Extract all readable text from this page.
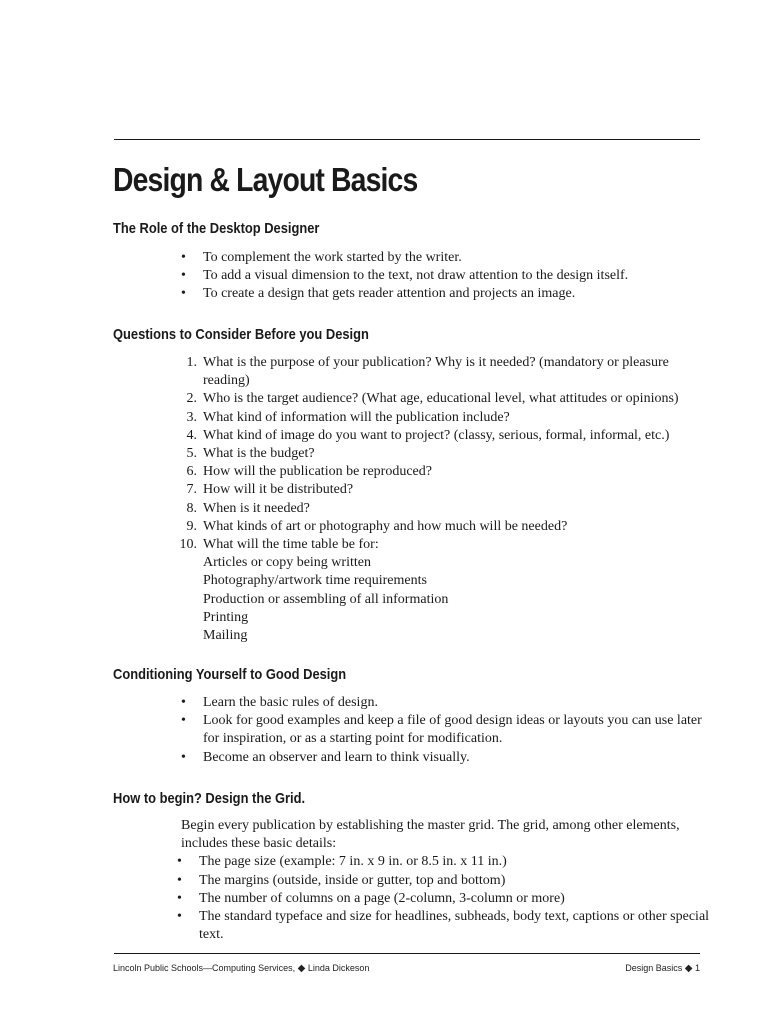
Design & Layout Basics
The Role of the Desktop Designer
• To complement the work started by the writer.
• To add a visual dimension to the text, not draw attention to the design itself.
• To create a design that gets reader attention and projects an image.
Questions to Consider Before you Design
1. What is the purpose of your publication? Why is it needed? (mandatory or pleasure reading)
2. Who is the target audience? (What age, educational level, what attitudes or opinions)
3. What kind of information will the publication include?
4. What kind of image do you want to project? (classy, serious, formal, informal, etc.)
5. What is the budget?
6. How will the publication be reproduced?
7. How will it be distributed?
8. When is it needed?
9. What kinds of art or photography and how much will be needed?
10. What will the time table be for:
Articles or copy being written
Photography/artwork time requirements
Production or assembling of all information
Printing
Mailing
Conditioning Yourself to Good Design
• Learn the basic rules of design.
• Look for good examples and keep a file of good design ideas or layouts you can use later for inspiration, or as a starting point for modification.
• Become an observer and learn to think visually.
How to begin? Design the Grid.

Begin every publication by establishing the master grid. The grid, among other elements, includes these basic details:

• The page size (example: 7 in. x 9 in. or 8.5 in. x 11 in.)
• The margins (outside, inside or gutter, top and bottom)
• The number of columns on a page (2-column, 3-column or more)
• The standard typeface and size for headlines, subheads, body text, captions or other special text.
Lincoln Public Schools—Computing Services, ◆ Linda Dickeson	Design Basics ◆ 1
